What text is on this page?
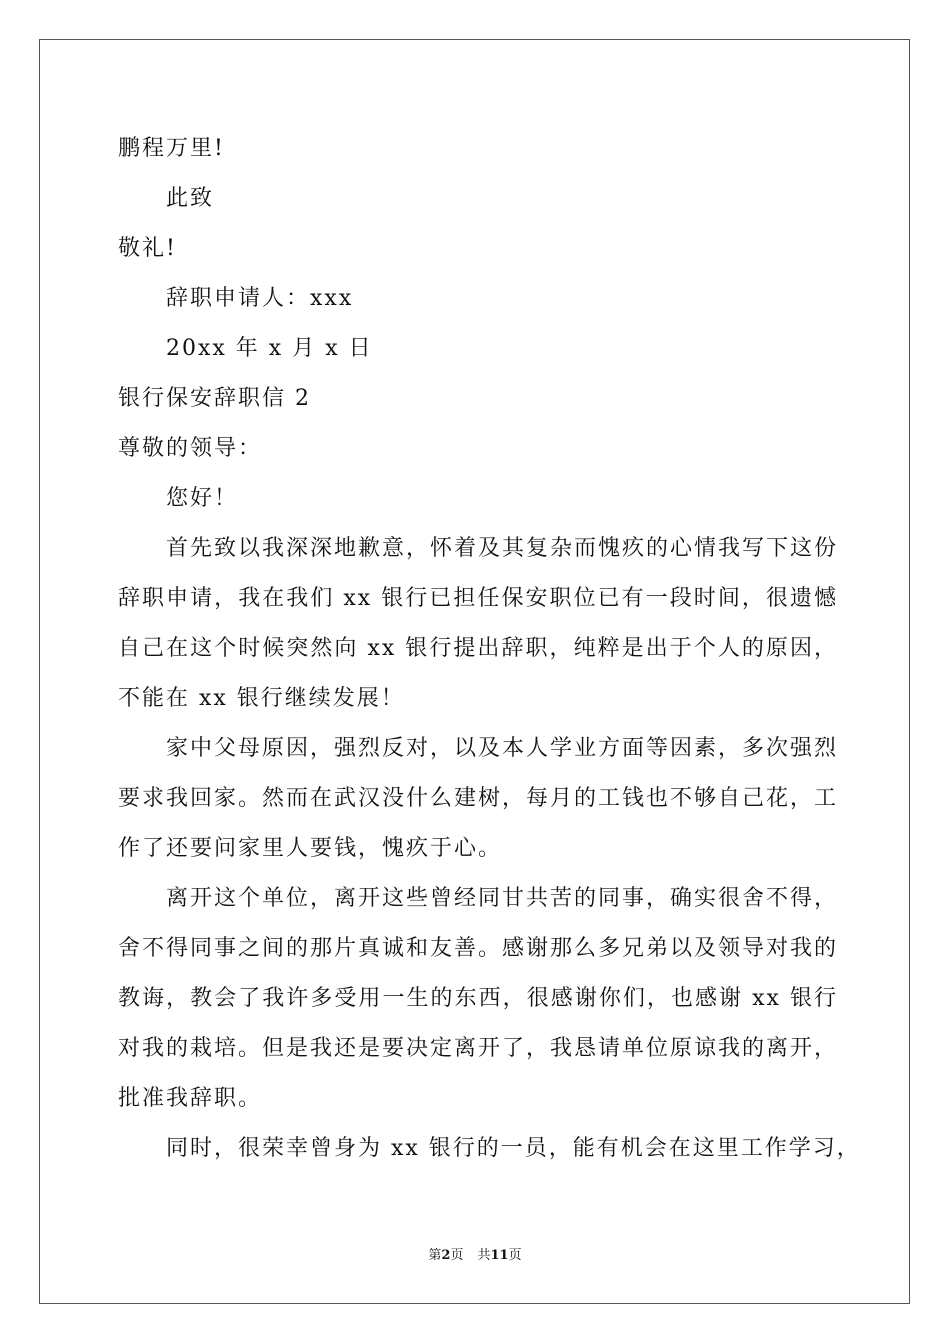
鹏程万里!
此致
敬礼!
辞职申请人：xxx
20xx 年 x 月 x 日
银行保安辞职信 2
尊敬的领导：
您好！
首先致以我深深地歉意，怀着及其复杂而愧疚的心情我写下这份
辞职申请，我在我们 xx 银行已担任保安职位已有一段时间，很遗憾
自己在这个时候突然向 xx 银行提出辞职，纯粹是出于个人的原因，
不能在 xx 银行继续发展！
家中父母原因，强烈反对，以及本人学业方面等因素，多次强烈
要求我回家。然而在武汉没什么建树，每月的工钱也不够自己花，工
作了还要问家里人要钱，愧疚于心。
离开这个单位，离开这些曾经同甘共苦的同事，确实很舍不得，
舍不得同事之间的那片真诚和友善。感谢那么多兄弟以及领导对我的
教诲，教会了我许多受用一生的东西，很感谢你们，也感谢 xx 银行
对我的栽培。但是我还是要决定离开了，我恳请单位原谅我的离开，
批准我辞职。
同时，很荣幸曾身为 xx 银行的一员，能有机会在这里工作学习，
第2页 共11页
